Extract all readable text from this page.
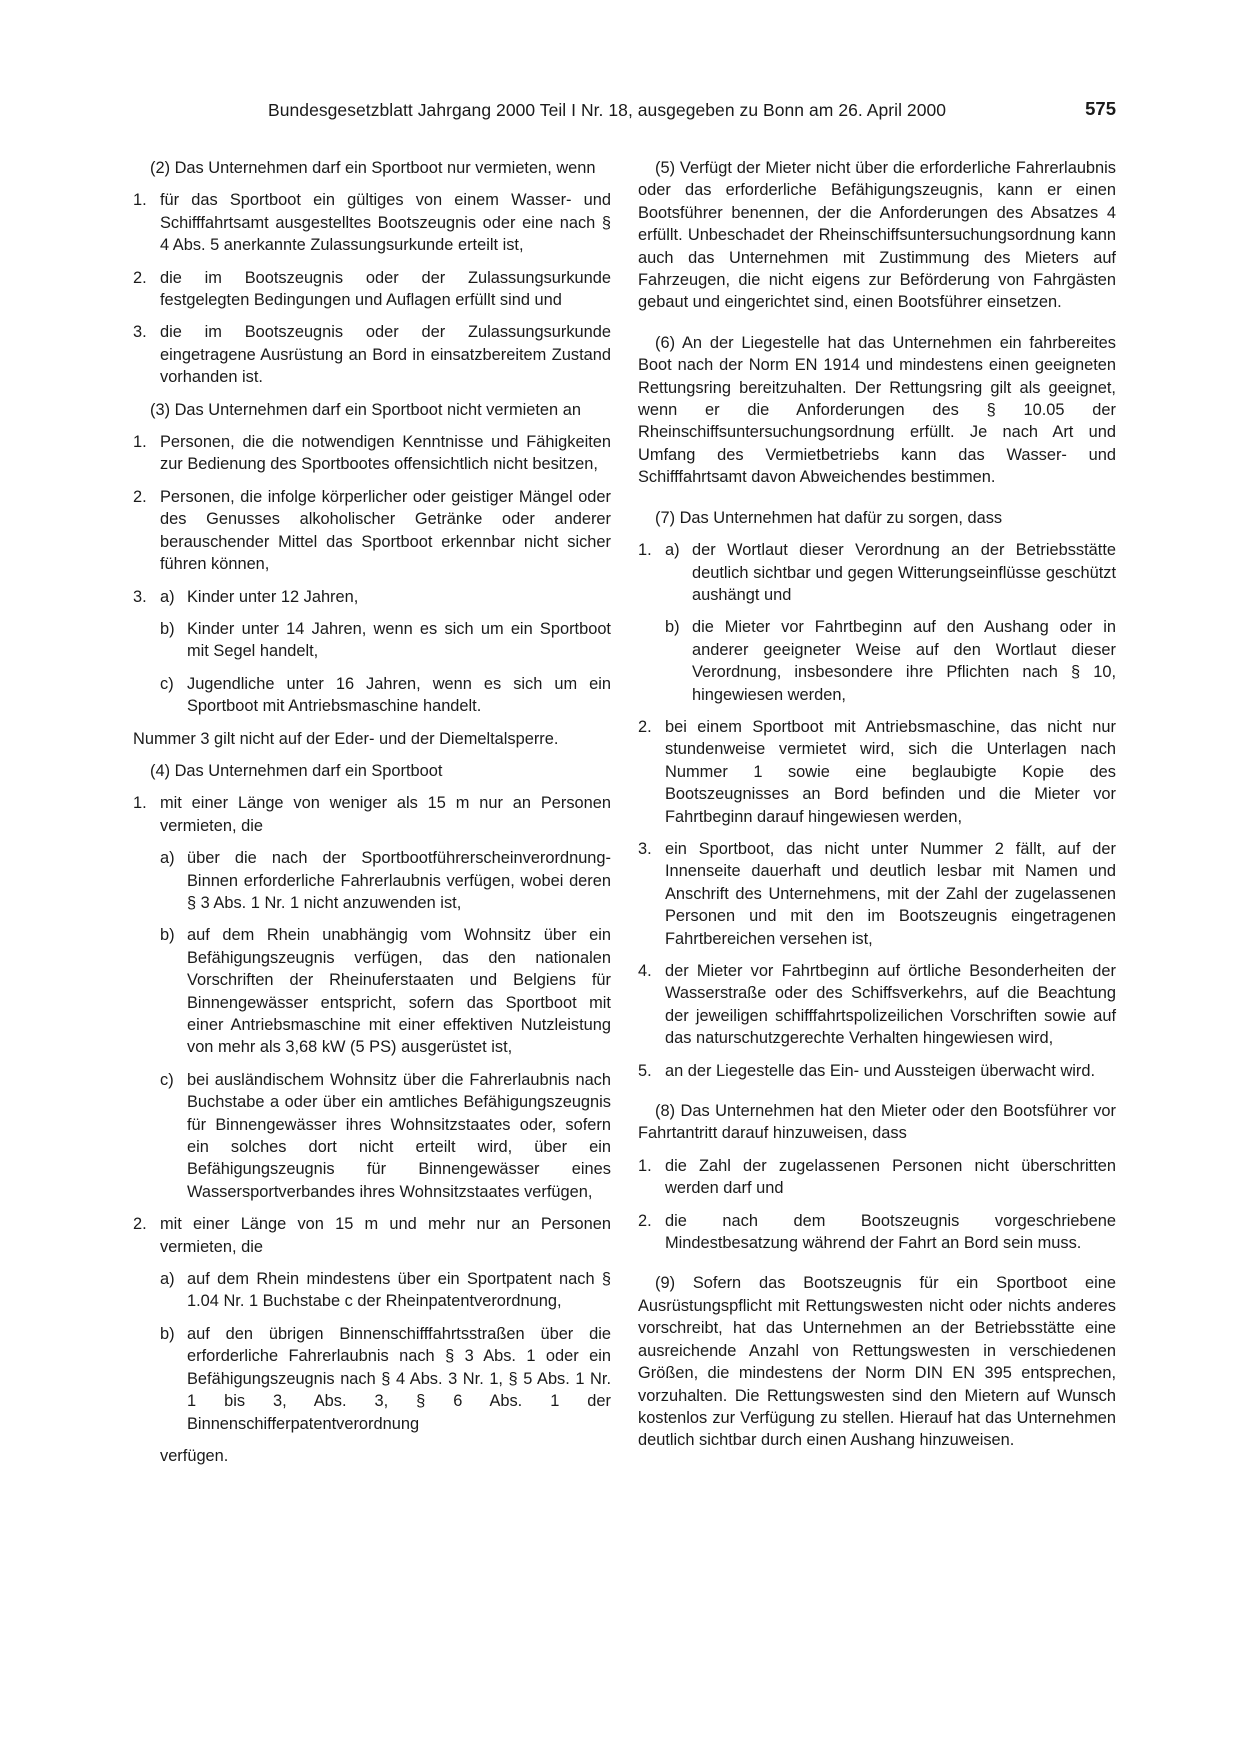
Bundesgesetzblatt Jahrgang 2000 Teil I Nr. 18, ausgegeben zu Bonn am 26. April 2000	575
(2) Das Unternehmen darf ein Sportboot nur vermieten, wenn
1. für das Sportboot ein gültiges von einem Wasser- und Schifffahrtsamt ausgestelltes Bootszeugnis oder eine nach § 4 Abs. 5 anerkannte Zulassungsurkunde erteilt ist,
2. die im Bootszeugnis oder der Zulassungsurkunde festgelegten Bedingungen und Auflagen erfüllt sind und
3. die im Bootszeugnis oder der Zulassungsurkunde eingetragene Ausrüstung an Bord in einsatzbereitem Zustand vorhanden ist.
(3) Das Unternehmen darf ein Sportboot nicht vermieten an
1. Personen, die die notwendigen Kenntnisse und Fähigkeiten zur Bedienung des Sportbootes offensichtlich nicht besitzen,
2. Personen, die infolge körperlicher oder geistiger Mängel oder des Genusses alkoholischer Getränke oder anderer berauschender Mittel das Sportboot erkennbar nicht sicher führen können,
3. a) Kinder unter 12 Jahren,
b) Kinder unter 14 Jahren, wenn es sich um ein Sportboot mit Segel handelt,
c) Jugendliche unter 16 Jahren, wenn es sich um ein Sportboot mit Antriebsmaschine handelt.
Nummer 3 gilt nicht auf der Eder- und der Diemeltalsperre.
(4) Das Unternehmen darf ein Sportboot
1. mit einer Länge von weniger als 15 m nur an Personen vermieten, die
a) über die nach der Sportbootführerscheinverordnung-Binnen erforderliche Fahrerlaubnis verfügen, wobei deren § 3 Abs. 1 Nr. 1 nicht anzuwenden ist,
b) auf dem Rhein unabhängig vom Wohnsitz über ein Befähigungszeugnis verfügen, das den nationalen Vorschriften der Rheinuferstaaten und Belgiens für Binnengewässer entspricht, sofern das Sportboot mit einer Antriebsmaschine mit einer effektiven Nutzleistung von mehr als 3,68 kW (5 PS) ausgerüstet ist,
c) bei ausländischem Wohnsitz über die Fahrerlaubnis nach Buchstabe a oder über ein amtliches Befähigungszeugnis für Binnengewässer ihres Wohnsitzstaates oder, sofern ein solches dort nicht erteilt wird, über ein Befähigungszeugnis für Binnengewässer eines Wassersportverbandes ihres Wohnsitzstaates verfügen,
2. mit einer Länge von 15 m und mehr nur an Personen vermieten, die
a) auf dem Rhein mindestens über ein Sportpatent nach § 1.04 Nr. 1 Buchstabe c der Rheinpatentverordnung,
b) auf den übrigen Binnenschifffahrtsstraßen über die erforderliche Fahrerlaubnis nach § 3 Abs. 1 oder ein Befähigungszeugnis nach § 4 Abs. 3 Nr. 1, § 5 Abs. 1 Nr. 1 bis 3, Abs. 3, § 6 Abs. 1 der Binnenschifferpatentverordnung
verfügen.
(5) Verfügt der Mieter nicht über die erforderliche Fahrerlaubnis oder das erforderliche Befähigungszeugnis, kann er einen Bootsführer benennen, der die Anforderungen des Absatzes 4 erfüllt. Unbeschadet der Rheinschiffsuntersuchungsordnung kann auch das Unternehmen mit Zustimmung des Mieters auf Fahrzeugen, die nicht eigens zur Beförderung von Fahrgästen gebaut und eingerichtet sind, einen Bootsführer einsetzen.
(6) An der Liegestelle hat das Unternehmen ein fahrbereites Boot nach der Norm EN 1914 und mindestens einen geeigneten Rettungsring bereitzuhalten. Der Rettungsring gilt als geeignet, wenn er die Anforderungen des § 10.05 der Rheinschiffsuntersuchungsordnung erfüllt. Je nach Art und Umfang des Vermietbetriebs kann das Wasser- und Schifffahrtsamt davon Abweichendes bestimmen.
(7) Das Unternehmen hat dafür zu sorgen, dass
1. a) der Wortlaut dieser Verordnung an der Betriebsstätte deutlich sichtbar und gegen Witterungseinflüsse geschützt aushängt und
b) die Mieter vor Fahrtbeginn auf den Aushang oder in anderer geeigneter Weise auf den Wortlaut dieser Verordnung, insbesondere ihre Pflichten nach § 10, hingewiesen werden,
2. bei einem Sportboot mit Antriebsmaschine, das nicht nur stundenweise vermietet wird, sich die Unterlagen nach Nummer 1 sowie eine beglaubigte Kopie des Bootszeugnisses an Bord befinden und die Mieter vor Fahrtbeginn darauf hingewiesen werden,
3. ein Sportboot, das nicht unter Nummer 2 fällt, auf der Innenseite dauerhaft und deutlich lesbar mit Namen und Anschrift des Unternehmens, mit der Zahl der zugelassenen Personen und mit den im Bootszeugnis eingetragenen Fahrtbereichen versehen ist,
4. der Mieter vor Fahrtbeginn auf örtliche Besonderheiten der Wasserstraße oder des Schiffsverkehrs, auf die Beachtung der jeweiligen schifffahrtspolizeilichen Vorschriften sowie auf das naturschutzgerechte Verhalten hingewiesen wird,
5. an der Liegestelle das Ein- und Aussteigen überwacht wird.
(8) Das Unternehmen hat den Mieter oder den Bootsführer vor Fahrtantritt darauf hinzuweisen, dass
1. die Zahl der zugelassenen Personen nicht überschritten werden darf und
2. die nach dem Bootszeugnis vorgeschriebene Mindestbesatzung während der Fahrt an Bord sein muss.
(9) Sofern das Bootszeugnis für ein Sportboot eine Ausrüstungspflicht mit Rettungswesten nicht oder nichts anderes vorschreibt, hat das Unternehmen an der Betriebsstätte eine ausreichende Anzahl von Rettungswesten in verschiedenen Größen, die mindestens der Norm DIN EN 395 entsprechen, vorzuhalten. Die Rettungswesten sind den Mietern auf Wunsch kostenlos zur Verfügung zu stellen. Hierauf hat das Unternehmen deutlich sichtbar durch einen Aushang hinzuweisen.
